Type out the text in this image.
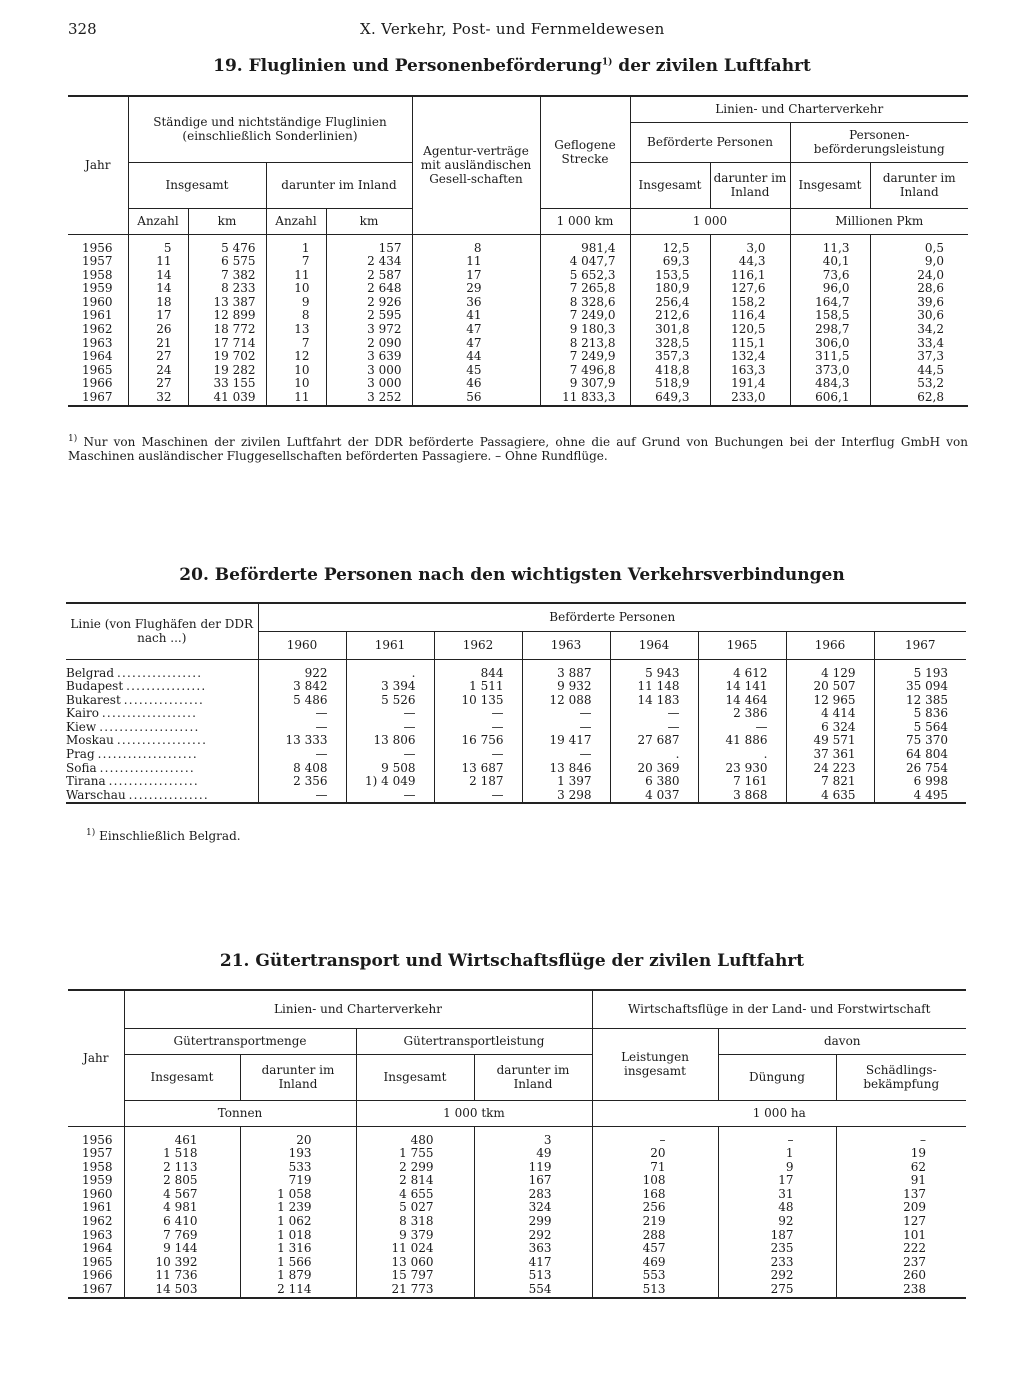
328	X. Verkehr, Post- und Fernmeldewesen
19. Fluglinien und Personenbeförderung$^{1)}$ der zivilen Luftfahrt
Jahr	Ständige und nichtständige Fluglinien (einschließlich Sonderlinien)				Agentur-verträge mit ausländischen Gesell-schaften	Geflogene Strecke	Linien- und Charterverkehr			
							Beförderte Personen		Personen-beförderungsleistung	
	Insgesamt		darunter im Inland				Insgesamt	darunter im Inland	Insgesamt	darunter im Inland
	Anzahl	km	Anzahl	km		1 000 km	1 000		Millionen Pkm	

1956	5	5 476	1	157	8	981,4	12,5	3,0	11,3	0,5
1957	11	6 575	7	2 434	11	4 047,7	69,3	44,3	40,1	9,0
1958	14	7 382	11	2 587	17	5 652,3	153,5	116,1	73,6	24,0
1959	14	8 233	10	2 648	29	7 265,8	180,9	127,6	96,0	28,6
1960	18	13 387	9	2 926	36	8 328,6	256,4	158,2	164,7	39,6
1961	17	12 899	8	2 595	41	7 249,0	212,6	116,4	158,5	30,6
1962	26	18 772	13	3 972	47	9 180,3	301,8	120,5	298,7	34,2
1963	21	17 714	7	2 090	47	8 213,8	328,5	115,1	306,0	33,4
1964	27	19 702	12	3 639	44	7 249,9	357,3	132,4	311,5	37,3
1965	24	19 282	10	3 000	45	7 496,8	418,8	163,3	373,0	44,5
1966	27	33 155	10	3 000	46	9 307,9	518,9	191,4	484,3	53,2
1967	32	41 039	11	3 252	56	11 833,3	649,3	233,0	606,1	62,8
$^{1)}$ Nur von Maschinen der zivilen Luftfahrt der DDR beförderte Passagiere, ohne die auf Grund von Buchungen bei der Interflug GmbH von Maschinen ausländischer Fluggesellschaften beförderten Passagiere. – Ohne Rundflüge.
20. Beförderte Personen nach den wichtigsten Verkehrsverbindungen
Linie (von Flughäfen der DDR nach ...)	Beförderte Personen							
	1960	1961	1962	1963	1964	1965	1966	1967

Belgrad .................	922	.	844	3 887	5 943	4 612	4 129	5 193
Budapest ................	3 842	3 394	1 511	9 932	11 148	14 141	20 507	35 094
Bukarest ................	5 486	5 526	10 135	12 088	14 183	14 464	12 965	12 385
Kairo ...................	—	—	—	—	—	2 386	4 414	5 836
Kiew ....................	—	—	—	—	—	—	6 324	5 564
Moskau ..................	13 333	13 806	16 756	19 417	27 687	41 886	49 571	75 370
Prag ....................	—	—	—	—	.	.	37 361	64 804
Sofia ...................	8 408	9 508	13 687	13 846	20 369	23 930	24 223	26 754
Tirana ..................	2 356	1) 4 049	2 187	1 397	6 380	7 161	7 821	6 998
Warschau ................	—	—	—	3 298	4 037	3 868	4 635	4 495
$^{1)}$ Einschließlich Belgrad.
21. Gütertransport und Wirtschaftsflüge der zivilen Luftfahrt
Jahr	Linien- und Charterverkehr				Wirtschaftsflüge in der Land- und Forstwirtschaft		
	Gütertransportmenge		Gütertransportleistung		Leistungen insgesamt	davon	
	Insgesamt	darunter im Inland	Insgesamt	darunter im Inland		Düngung	Schädlings-bekämpfung
	Tonnen		1 000 tkm		1 000 ha		

1956	461	20	480	3	–	–	–
1957	1 518	193	1 755	49	20	1	19
1958	2 113	533	2 299	119	71	9	62
1959	2 805	719	2 814	167	108	17	91
1960	4 567	1 058	4 655	283	168	31	137
1961	4 981	1 239	5 027	324	256	48	209
1962	6 410	1 062	8 318	299	219	92	127
1963	7 769	1 018	9 379	292	288	187	101
1964	9 144	1 316	11 024	363	457	235	222
1965	10 392	1 566	13 060	417	469	233	237
1966	11 736	1 879	15 797	513	553	292	260
1967	14 503	2 114	21 773	554	513	275	238
